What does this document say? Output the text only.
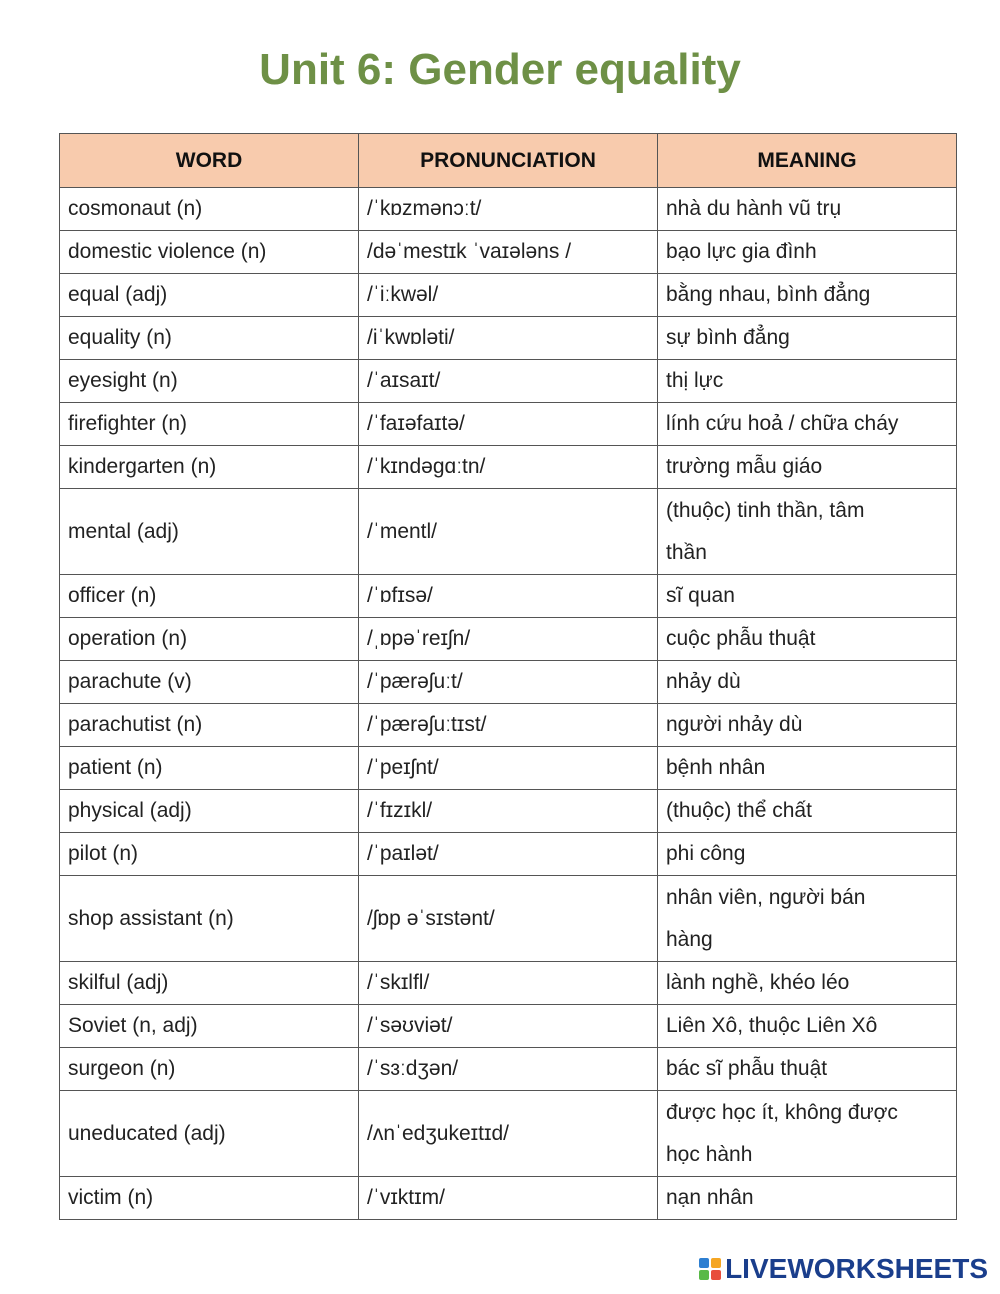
Unit 6: Gender equality
WORD	PRONUNCIATION	MEANING
cosmonaut (n)	/ˈkɒzmənɔːt/	nhà du hành vũ trụ

domestic violence (n)	/dəˈmestɪk ˈvaɪələns /	bạo lực gia đình

equal (adj)	/ˈiːkwəl/	bằng nhau, bình đẳng

equality (n)	/iˈkwɒləti/	sự bình đẳng

eyesight (n)	/ˈaɪsaɪt/	thị lực

firefighter (n)	/ˈfaɪəfaɪtə/	lính cứu hoả / chữa cháy

kindergarten (n)	/ˈkɪndəɡɑːtn/	trường mẫu giáo

mental (adj)	/ˈmentl/	(thuộc) tinh thần, tâm
thần

officer (n)	/ˈɒfɪsə/	sĩ quan

operation (n)	/ˌɒpəˈreɪʃn/	cuộc phẫu thuật

parachute (v)	/ˈpærəʃuːt/	nhảy dù

parachutist (n)	/ˈpærəʃuːtɪst/	người nhảy dù

patient (n)	/ˈpeɪʃnt/	bệnh nhân

physical (adj)	/ˈfɪzɪkl/	(thuộc) thể chất

pilot (n)	/ˈpaɪlət/	phi công

shop assistant (n)	/ʃɒp əˈsɪstənt/	nhân viên, người bán
hàng

skilful (adj)	/ˈskɪlfl/	lành nghề, khéo léo

Soviet (n, adj)	/ˈsəʊviət/	Liên Xô, thuộc Liên Xô

surgeon (n)	/ˈsɜːdʒən/	bác sĩ phẫu thuật

uneducated (adj)	/ʌnˈedʒukeɪtɪd/	được học ít, không được
học hành

victim (n)	/ˈvɪktɪm/	nạn nhân
LIVEWORKSHEETS
